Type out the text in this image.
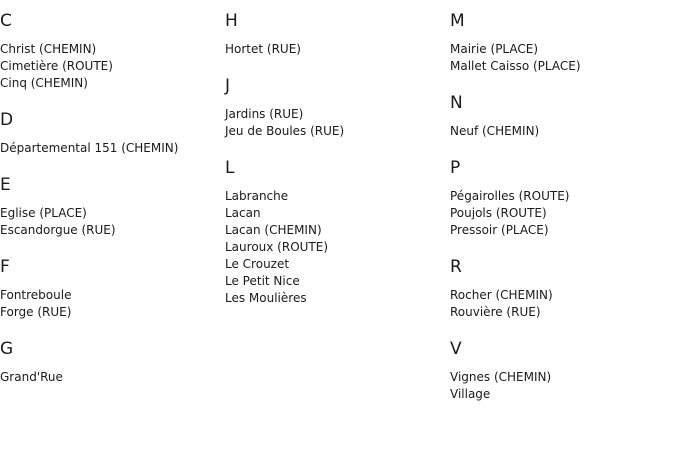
C
Christ (CHEMIN)
Cimetière (ROUTE)
Cinq (CHEMIN)
D
Départemental 151 (CHEMIN)
E
Eglise (PLACE)
Escandorgue (RUE)
F
Fontreboule
Forge (RUE)
G
Grand'Rue
H
Hortet (RUE)
J
Jardins (RUE)
Jeu de Boules (RUE)
L
Labranche
Lacan
Lacan (CHEMIN)
Lauroux (ROUTE)
Le Crouzet
Le Petit Nice
Les Moulières
M
Mairie (PLACE)
Mallet Caisso (PLACE)
N
Neuf (CHEMIN)
P
Pégairolles (ROUTE)
Poujols (ROUTE)
Pressoir (PLACE)
R
Rocher (CHEMIN)
Rouvière (RUE)
V
Vignes (CHEMIN)
Village
